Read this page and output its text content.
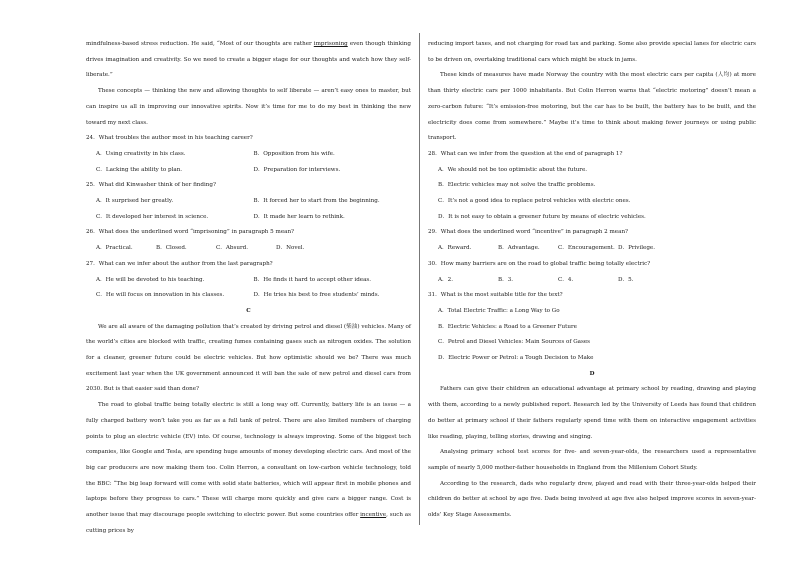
mindfulness-based stress reduction. He said, “Most of our thoughts are rather imprisoning even though thinking drives imagination and creativity. So we need to create a bigger stage for our thoughts and watch how they self-liberate.”

These concepts — thinking the new and allowing thoughts to self liberate — aren’t easy ones to master, but can inspire us all in improving our innovative spirits. Now it’s time for me to do my best in thinking the new toward my next class.

24．What troubles the author most in his teaching career?

A．Using creativity in his class.	B．Opposition from his wife.
C．Lacking the ability to plan.	D．Preparation for interviews.

25．What did Kinwasher think of her finding?

A．It surprised her greatly.	B．It forced her to start from the beginning.
C．It developed her interest in science.	D．It made her learn to rethink.

26．What does the underlined word “imprisoning” in paragraph 5 mean?

A．Practical.	B．Closed.	C．Absurd.	D．Novel.

27．What can we infer about the author from the last paragraph?

A．He will be devoted to his teaching.	B．He finds it hard to accept other ideas.
C．He will focus on innovation in his classes.	D．He tries his best to free students’ minds.

C

We are all aware of the damaging pollution that’s created by driving petrol and diesel (柴油) vehicles. Many of the world’s cities are blocked with traffic, creating fumes containing gases such as nitrogen oxides. The solution for a cleaner, greener future could be electric vehicles. But how optimistic should we be? There was much excitement last year when the UK government announced it will ban the sale of new petrol and diesel cars from 2030. But is that easier said than done?

The road to global traffic being totally electric is still a long way off. Currently, battery life is an issue — a fully charged battery won’t take you as far as a full tank of petrol. There are also limited numbers of charging points to plug an electric vehicle (EV) into. Of course, technology is always improving. Some of the biggest tech companies, like Google and Tesla, are spending huge amounts of money developing electric cars. And most of the big car producers are now making them too. Colin Herron, a consultant on low-carbon vehicle technology, told the BBC: “The big leap forward will come with solid state batteries, which will appear first in mobile phones and laptops before they progress to cars.” These will charge more quickly and give cars a bigger range. Cost is another issue that may discourage people switching to electric power. But some countries offer incentive, such as cutting prices by

reducing import taxes, and not charging for road tax and parking. Some also provide special lanes for electric cars to be driven on, overtaking traditional cars which might be stuck in jams.

These kinds of measures have made Norway the country with the most electric cars per capita (人均) at more than thirty electric cars per 1000 inhabitants. But Colin Herron warns that “electric motoring” doesn’t mean a zero-carbon future: “It’s emission-free motoring, but the car has to be built, the battery has to be built, and the electricity does come from somewhere.” Maybe it’s time to think about making fewer journeys or using public transport.

28．What can we infer from the question at the end of paragraph 1?

A．We should not be too optimistic about the future.

B．Electric vehicles may not solve the traffic problems.

C．It’s not a good idea to replace petrol vehicles with electric ones.

D．It is not easy to obtain a greener future by means of electric vehicles.

29．What does the underlined word “incentive” in paragraph 2 mean?

A．Reward.	B．Advantage.	C．Encouragement. D．Privilege.

30．How many barriers are on the road to global traffic being totally electric?

A．2.	B．3.	C．4.	D．5.

31．What is the most suitable title for the text?

A．Total Electric Traffic: a Long Way to Go

B．Electric Vehicles: a Road to a Greener Future

C．Petrol and Diesel Vehicles: Main Sources of Gases

D．Electric Power or Petrol: a Tough Decision to Make

D

Fathers can give their children an educational advantage at primary school by reading, drawing and playing with them, according to a newly published report. Research led by the University of Leeds has found that children do better at primary school if their fathers regularly spend time with them on interactive engagement activities like reading, playing, telling stories, drawing and singing.

Analysing primary school test scores for five- and seven-year-olds, the researchers used a representative sample of nearly 5,000 mother-father households in England from the Millenium Cohort Study.

According to the research, dads who regularly drew, played and read with their three-year-olds helped their children do better at school by age five. Dads being involved at age five also helped improve scores in seven-year-olds’ Key Stage Assessments.
